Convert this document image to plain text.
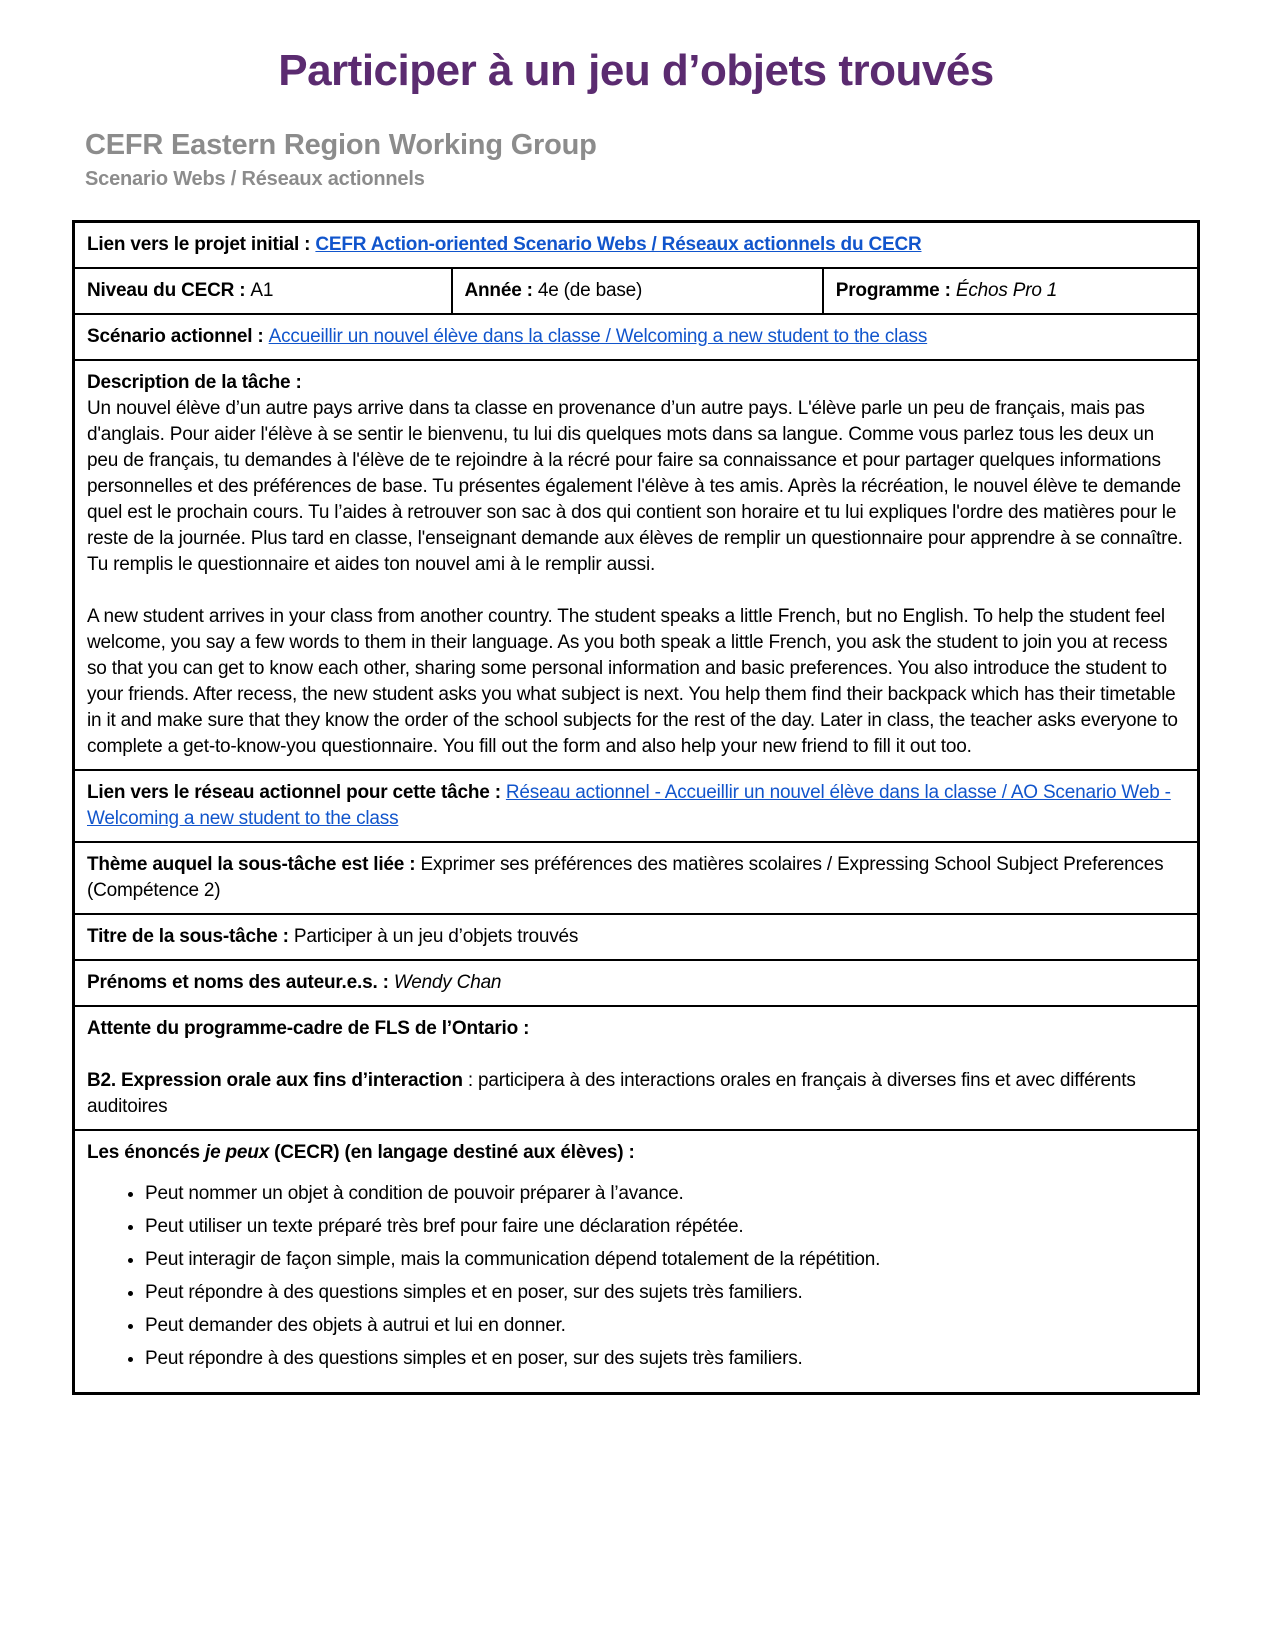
Participer à un jeu d’objets trouvés
CEFR Eastern Region Working Group
Scenario Webs / Réseaux actionnels
Lien vers le projet initial : CEFR Action-oriented Scenario Webs / Réseaux actionnels du CECR
Niveau du CECR : A1	Année : 4e (de base)	Programme : Échos Pro 1
Scénario actionnel : Accueillir un nouvel élève dans la classe / Welcoming a new student to the class

Description de la tâche :

Un nouvel élève d’un autre pays arrive dans ta classe en provenance d’un autre pays. L'élève parle un peu de français, mais pas d'anglais. Pour aider l'élève à se sentir le bienvenu, tu lui dis quelques mots dans sa langue. Comme vous parlez tous les deux un peu de français, tu demandes à l'élève de te rejoindre à la récré pour faire sa connaissance et pour partager quelques informations personnelles et des préférences de base. Tu présentes également l'élève à tes amis. Après la récréation, le nouvel élève te demande quel est le prochain cours. Tu l’aides à retrouver son sac à dos qui contient son horaire et tu lui expliques l'ordre des matières pour le reste de la journée. Plus tard en classe, l'enseignant demande aux élèves de remplir un questionnaire pour apprendre à se connaître. Tu remplis le questionnaire et aides ton nouvel ami à le remplir aussi.

A new student arrives in your class from another country. The student speaks a little French, but no English. To help the student feel welcome, you say a few words to them in their language. As you both speak a little French, you ask the student to join you at recess so that you can get to know each other, sharing some personal information and basic preferences. You also introduce the student to your friends. After recess, the new student asks you what subject is next. You help them find their backpack which has their timetable in it and make sure that they know the order of the school subjects for the rest of the day. Later in class, the teacher asks everyone to complete a get-to-know-you questionnaire. You fill out the form and also help your new friend to fill it out too.

Lien vers le réseau actionnel pour cette tâche : Réseau actionnel - Accueillir un nouvel élève dans la classe / AO Scenario Web - Welcoming a new student to the class
Thème auquel la sous-tâche est liée : Exprimer ses préférences des matières scolaires / Expressing School Subject Preferences (Compétence 2)
Titre de la sous-tâche : Participer à un jeu d’objets trouvés
Prénoms et noms des auteur.e.s. : Wendy Chan

Attente du programme-cadre de FLS de l’Ontario :

B2. Expression orale aux fins d’interaction : participera à des interactions orales en français à diverses fins et avec différents auditoires

Les énoncés je peux (CECR) (en langage destiné aux élèves) :

• Peut nommer un objet à condition de pouvoir préparer à l’avance.
• Peut utiliser un texte préparé très bref pour faire une déclaration répétée.
• Peut interagir de façon simple, mais la communication dépend totalement de la répétition.
• Peut répondre à des questions simples et en poser, sur des sujets très familiers.
• Peut demander des objets à autrui et lui en donner.
• Peut répondre à des questions simples et en poser, sur des sujets très familiers.
